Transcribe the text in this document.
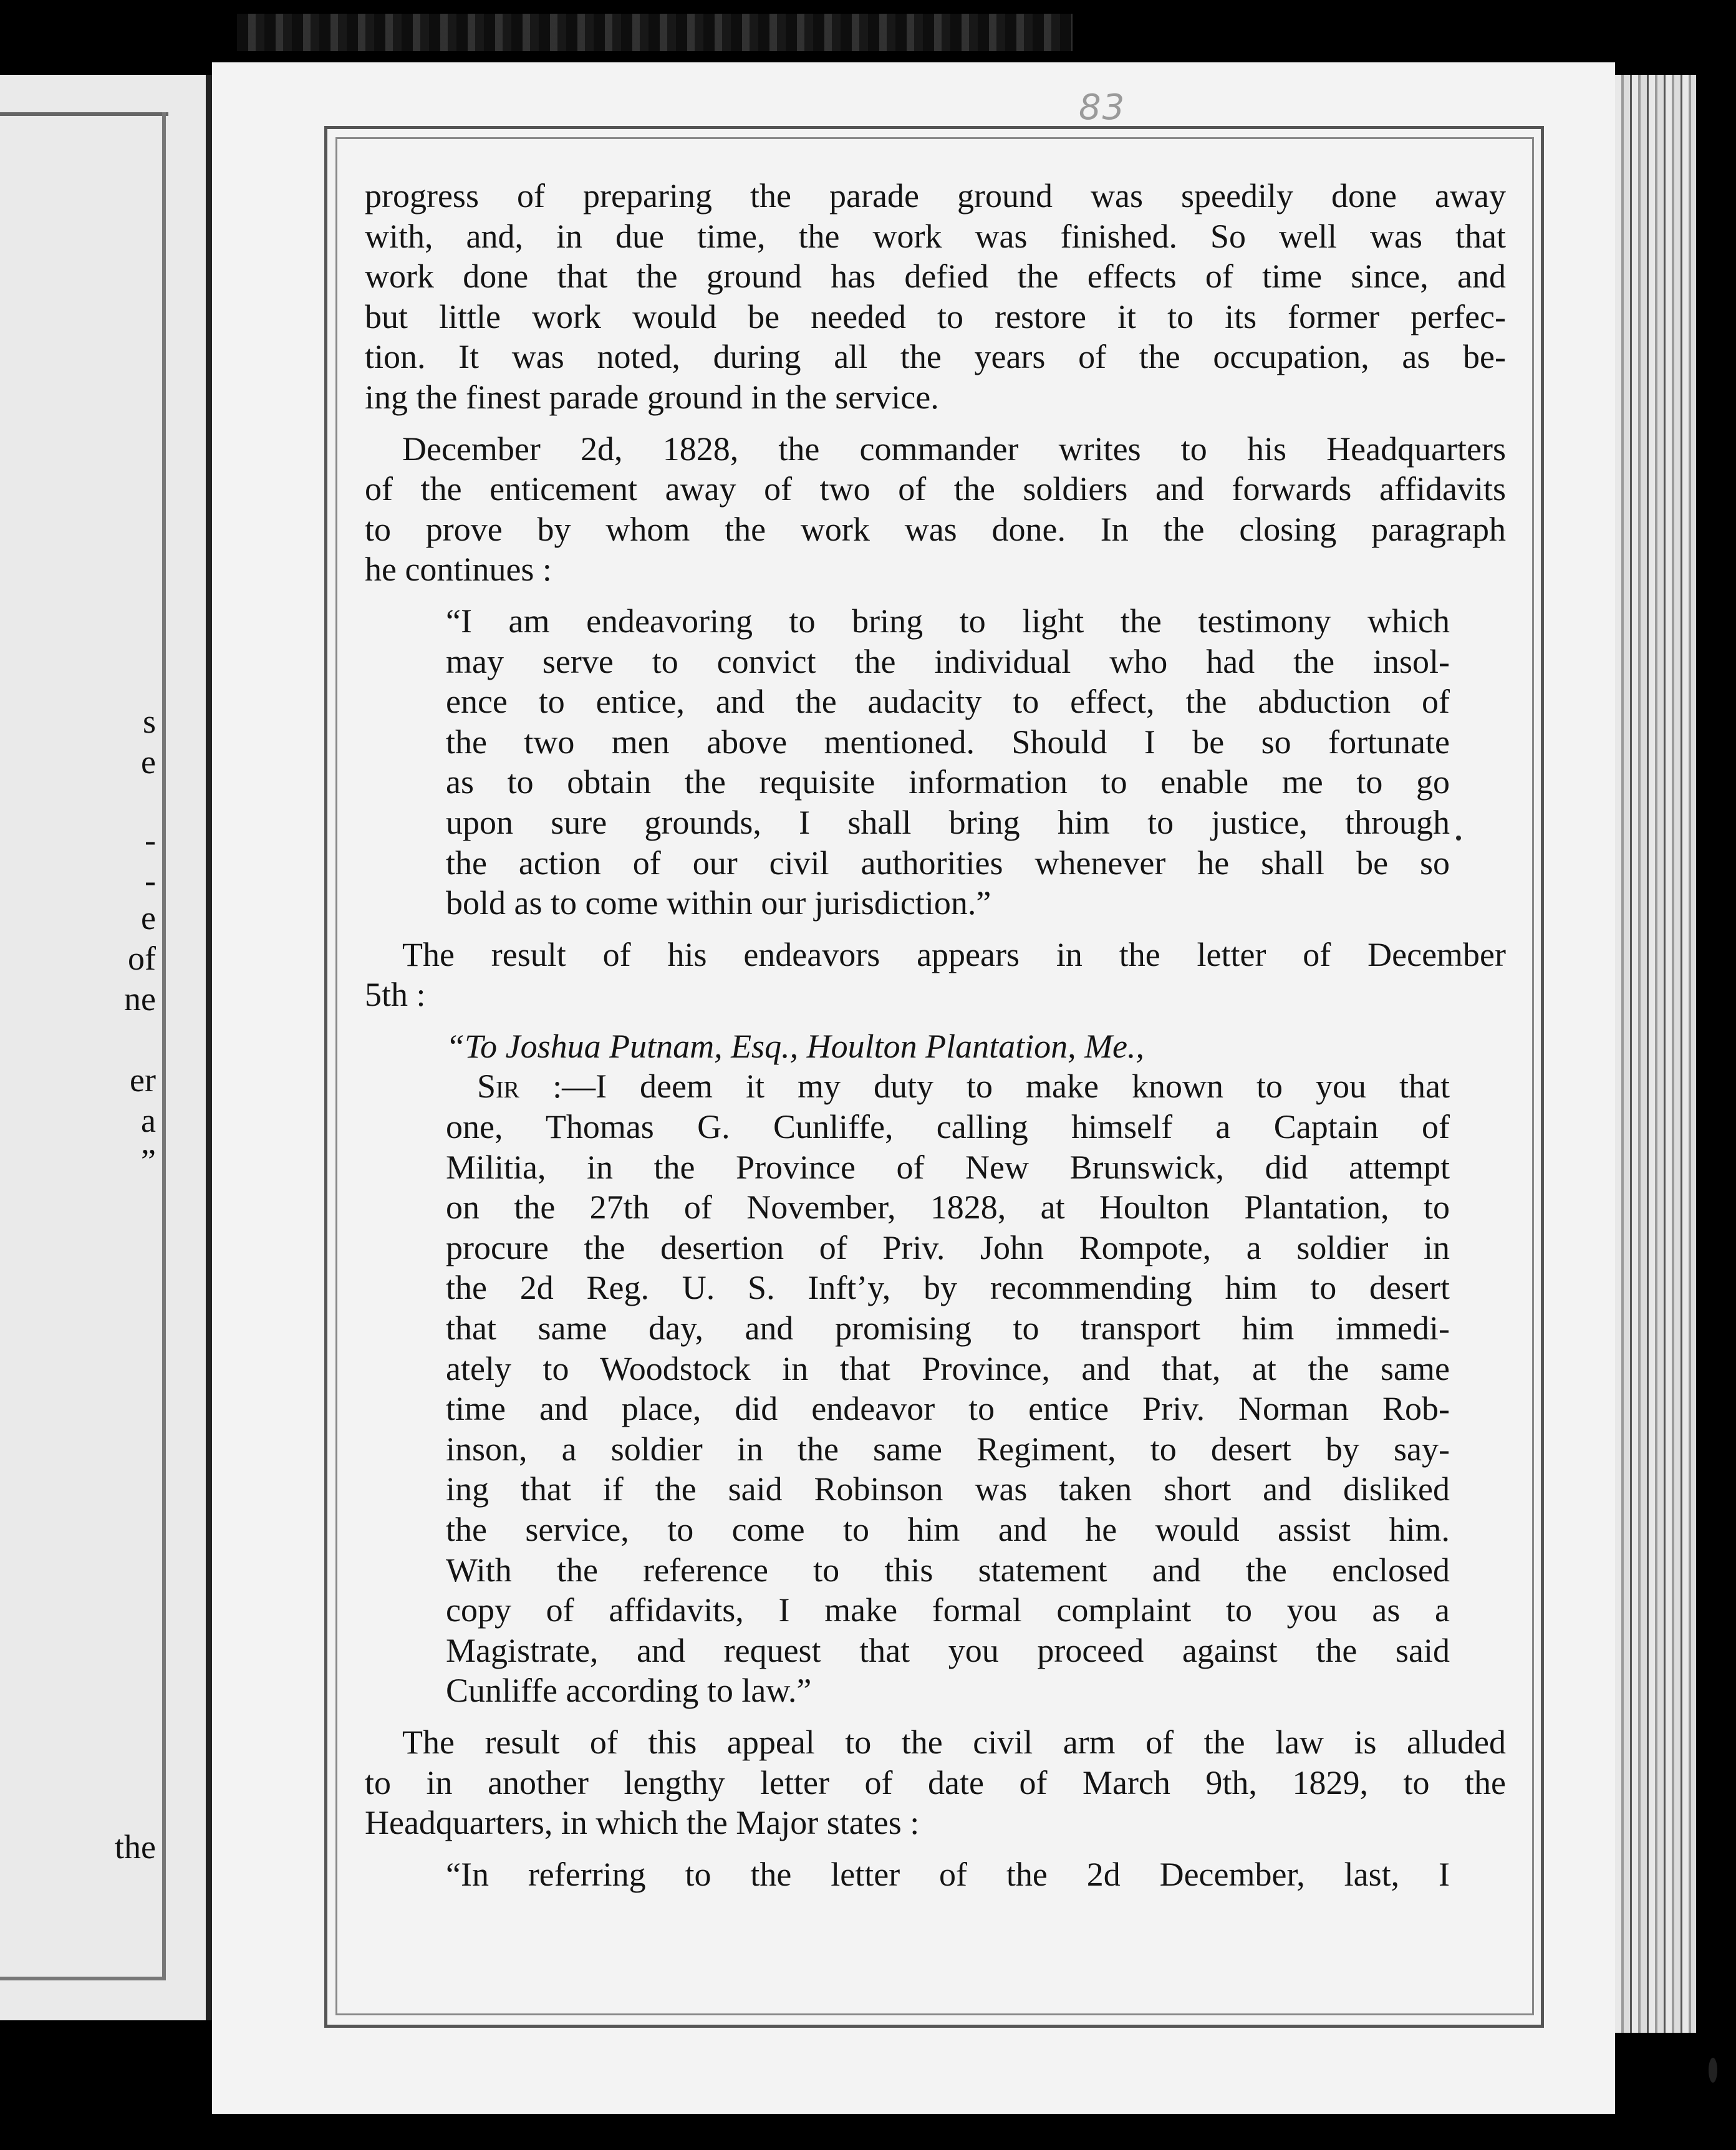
s
e
-
-
e
of
ne
er
a
”
the
83

progress of preparing the parade ground was speedily done away
with, and, in due time, the work was finished. So well was that
work done that the ground has defied the effects of time since, and
but little work would be needed to restore it to its former perfec-
tion. It was noted, during all the years of the occupation, as be-
ing the finest parade ground in the service.

December 2d, 1828, the commander writes to his Headquarters
of the enticement away of two of the soldiers and forwards affidavits
to prove by whom the work was done. In the closing paragraph
he continues :

“I am endeavoring to bring to light the testimony which
may serve to convict the individual who had the insol-
ence to entice, and the audacity to effect, the abduction of
the two men above mentioned. Should I be so fortunate
as to obtain the requisite information to enable me to go
upon sure grounds, I shall bring him to justice, through
the action of our civil authorities whenever he shall be so
bold as to come within our jurisdiction.”

The result of his endeavors appears in the letter of December
5th :

“To Joshua Putnam, Esq., Houlton Plantation, Me.,
Sir :—I deem it my duty to make known to you that
one, Thomas G. Cunliffe, calling himself a Captain of
Militia, in the Province of New Brunswick, did attempt
on the 27th of November, 1828, at Houlton Plantation, to
procure the desertion of Priv. John Rompote, a soldier in
the 2d Reg. U. S. Inft’y, by recommending him to desert
that same day, and promising to transport him immedi-
ately to Woodstock in that Province, and that, at the same
time and place, did endeavor to entice Priv. Norman Rob-
inson, a soldier in the same Regiment, to desert by say-
ing that if the said Robinson was taken short and disliked
the service, to come to him and he would assist him.
With the reference to this statement and the enclosed
copy of affidavits, I make formal complaint to you as a
Magistrate, and request that you proceed against the said
Cunliffe according to law.”

The result of this appeal to the civil arm of the law is alluded
to in another lengthy letter of date of March 9th, 1829, to the
Headquarters, in which the Major states :

“In referring to the letter of the 2d December, last, I
